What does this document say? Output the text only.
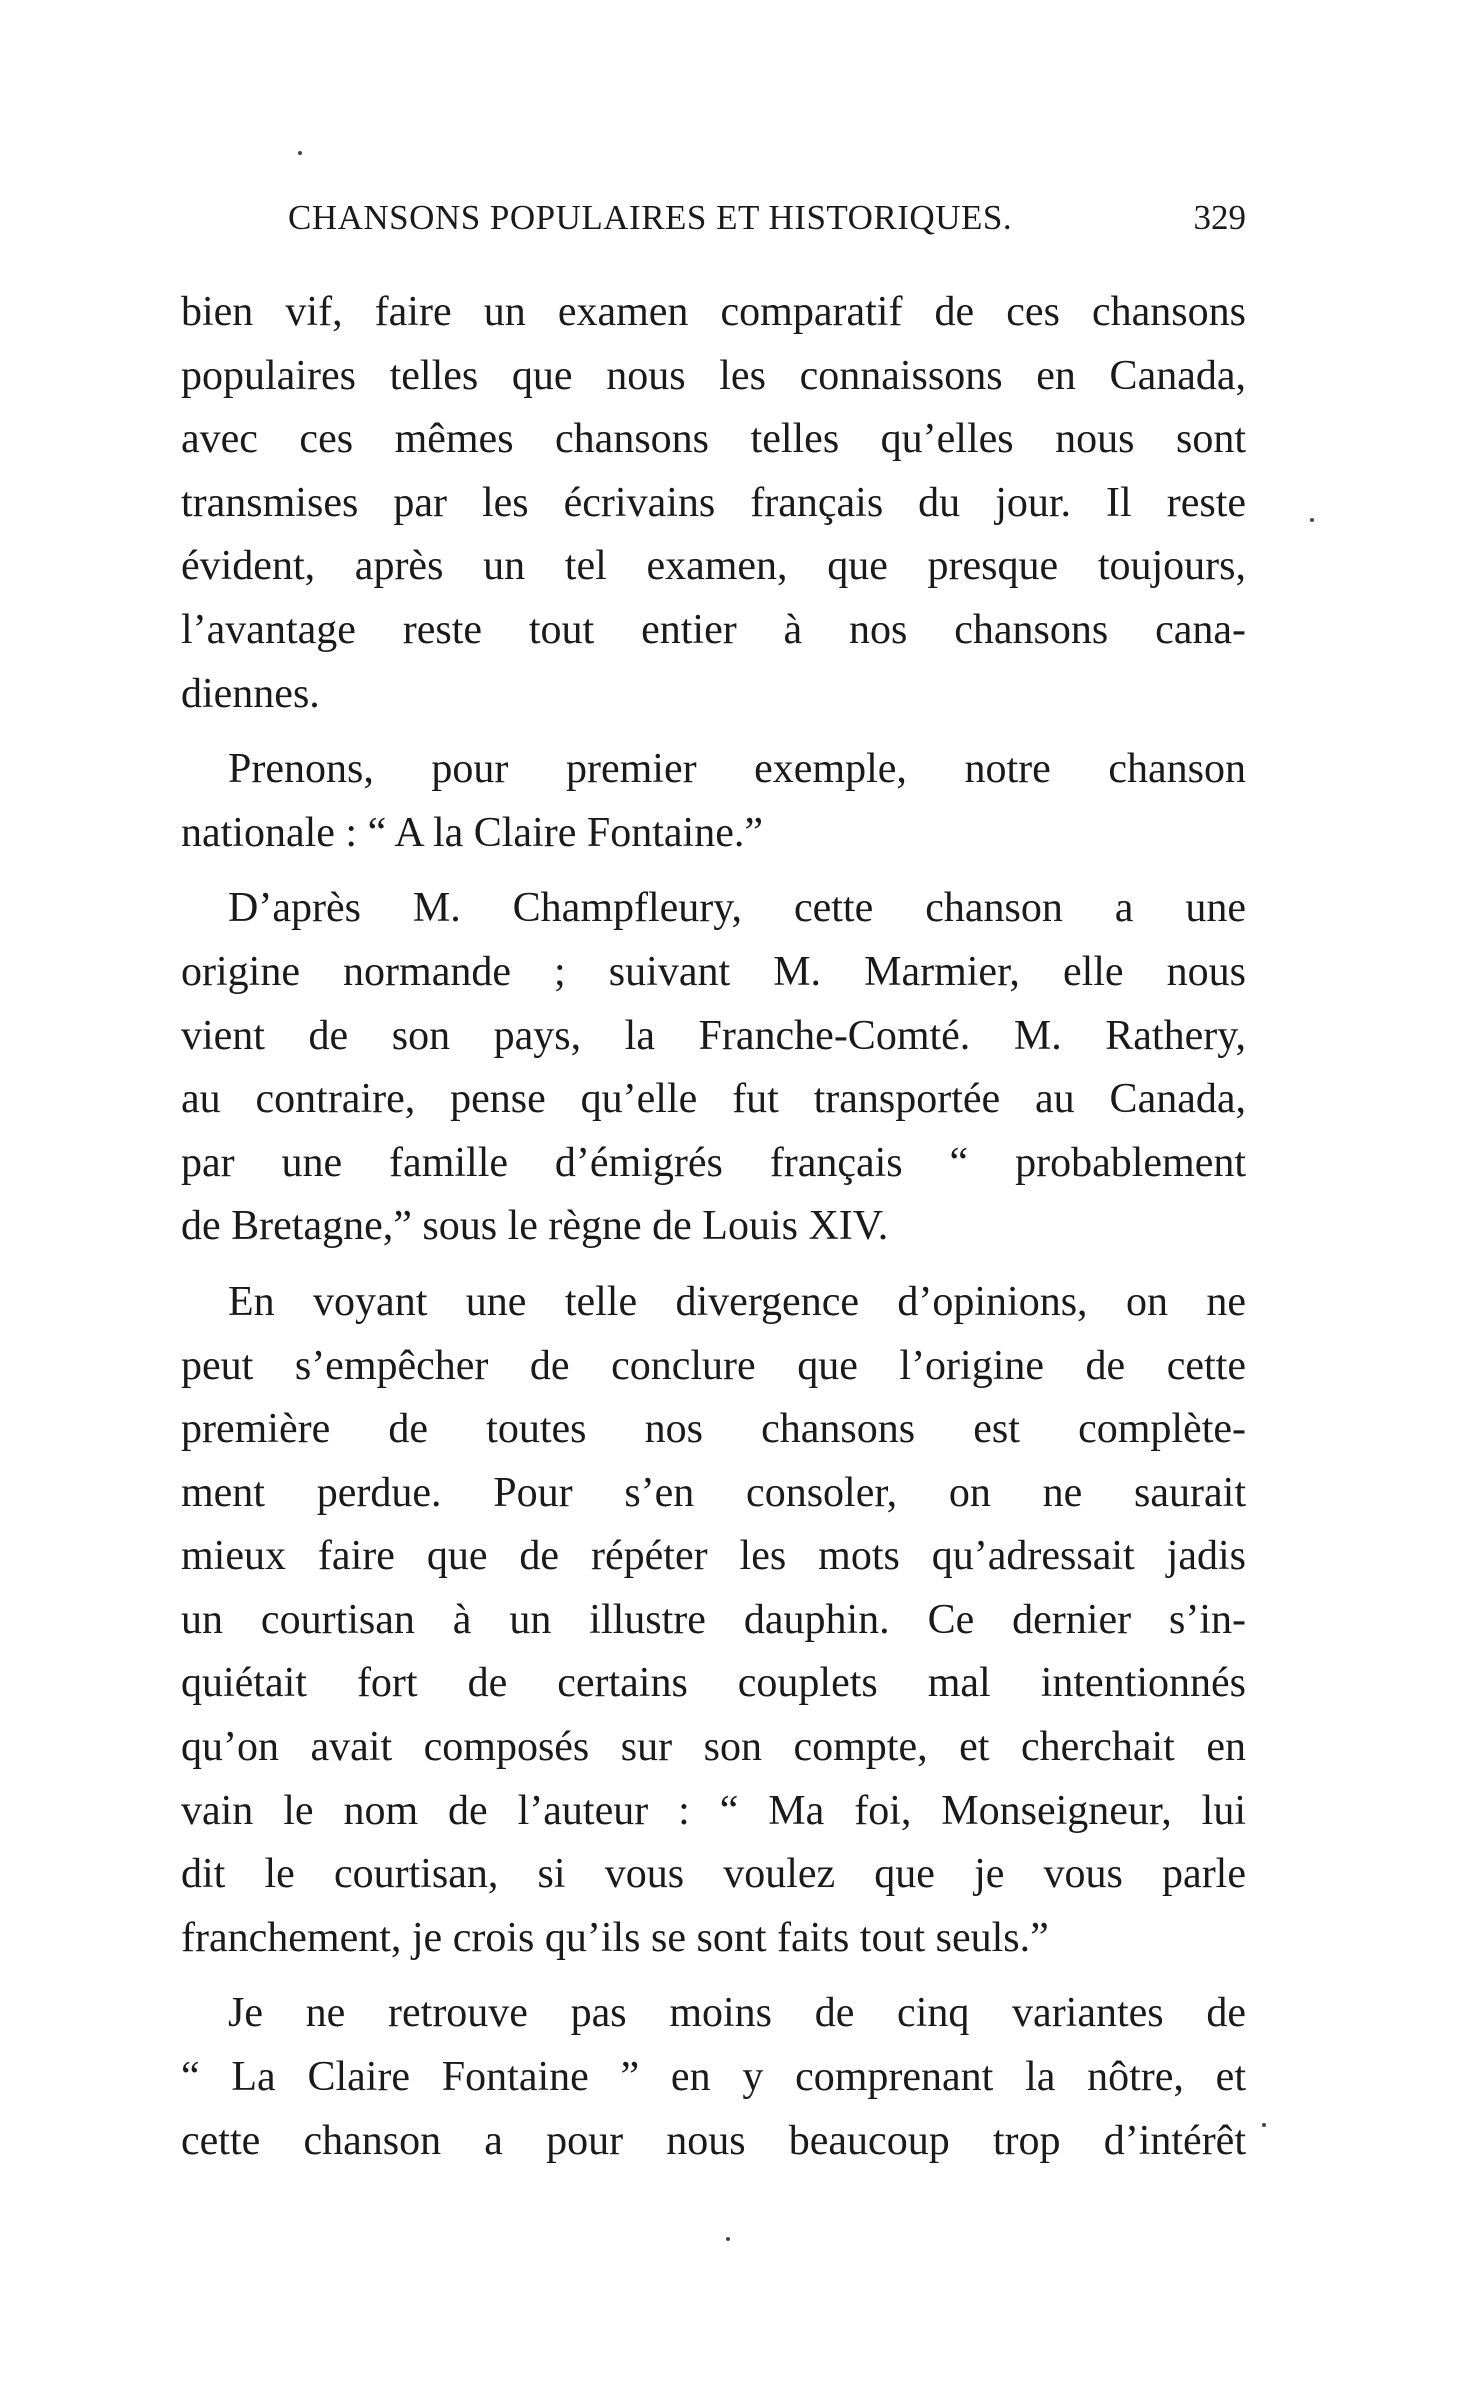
CHANSONS POPULAIRES ET HISTORIQUES.	329

bien vif, faire un examen comparatif de ces chansons
populaires telles que nous les connaissons en Canada,
avec ces mêmes chansons telles qu’elles nous sont
transmises par les écrivains français du jour. Il reste
évident, après un tel examen, que presque toujours,
l’avantage reste tout entier à nos chansons cana-
diennes.

Prenons, pour premier exemple, notre chanson
nationale : “ A la Claire Fontaine.”

D’après M. Champfleury, cette chanson a une
origine normande ; suivant M. Marmier, elle nous
vient de son pays, la Franche-Comté. M. Rathery,
au contraire, pense qu’elle fut transportée au Canada,
par une famille d’émigrés français “ probablement
de Bretagne,” sous le règne de Louis XIV.

En voyant une telle divergence d’opinions, on ne
peut s’empêcher de conclure que l’origine de cette
première de toutes nos chansons est complète-
ment perdue. Pour s’en consoler, on ne saurait
mieux faire que de répéter les mots qu’adressait jadis
un courtisan à un illustre dauphin. Ce dernier s’in-
quiétait fort de certains couplets mal intentionnés
qu’on avait composés sur son compte, et cherchait en
vain le nom de l’auteur : “ Ma foi, Monseigneur, lui
dit le courtisan, si vous voulez que je vous parle
franchement, je crois qu’ils se sont faits tout seuls.”

Je ne retrouve pas moins de cinq variantes de
“ La Claire Fontaine ” en y comprenant la nôtre, et
cette chanson a pour nous beaucoup trop d’intérêt
